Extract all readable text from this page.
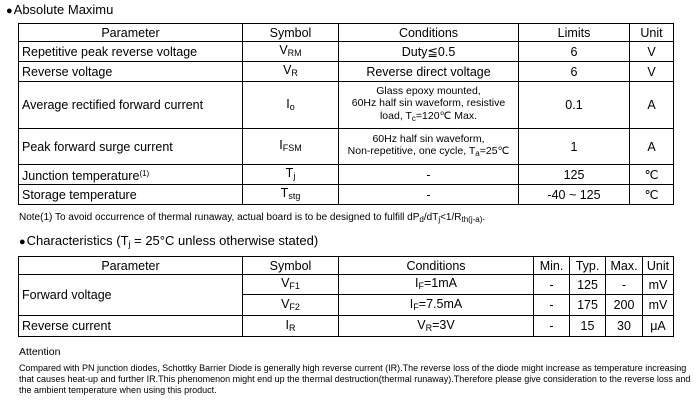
●Absolute Maximu
Parameter	Symbol	Conditions	Limits	Unit
Repetitive peak reverse voltage	$V_{RM}$	Duty≦0.5	6	V
Reverse voltage	$V_R$	Reverse direct voltage	6	V
Average rectified forward current	$I_o$	Glass epoxy mounted,
60Hz half sin waveform, resistive
load, Tc=120℃ Max.	0.1	A
Peak forward surge current	$I_{FSM}$	60Hz half sin waveform,
Non-repetitive, one cycle, Ta=25℃	1	A
Junction temperature$^{(1)}$	$T_j$	-	125	℃
Storage temperature	$T_{stg}$	-	-40 ~ 125	℃
Note(1) To avoid occurrence of thermal runaway, actual board is to be designed to fulfill $dP_d/dT_j<1/R_{th(j-a)}$.
●Characteristics ($T_j = 25^\circ C$ unless otherwise stated)
Parameter	Symbol	Conditions	Min.	Typ.	Max.	Unit
Forward voltage	$V_{F1}$	$I_F=1mA$	-	125	-	mV
	$V_{F2}$	$I_F=7.5mA$	-	175	200	mV
Reverse current	$I_R$	$V_R=3V$	-	15	30	μA
Attention
Compared with PN junction diodes, Schottky Barrier Diode is generally high reverse current (IR).The reverse loss of the diode might increase as temperature increasing that causes heat-up and further IR.This phenomenon might end up the thermal destruction(thermal runaway).Therefore please give consideration to the reverse loss and the ambient temperature when using this product.
